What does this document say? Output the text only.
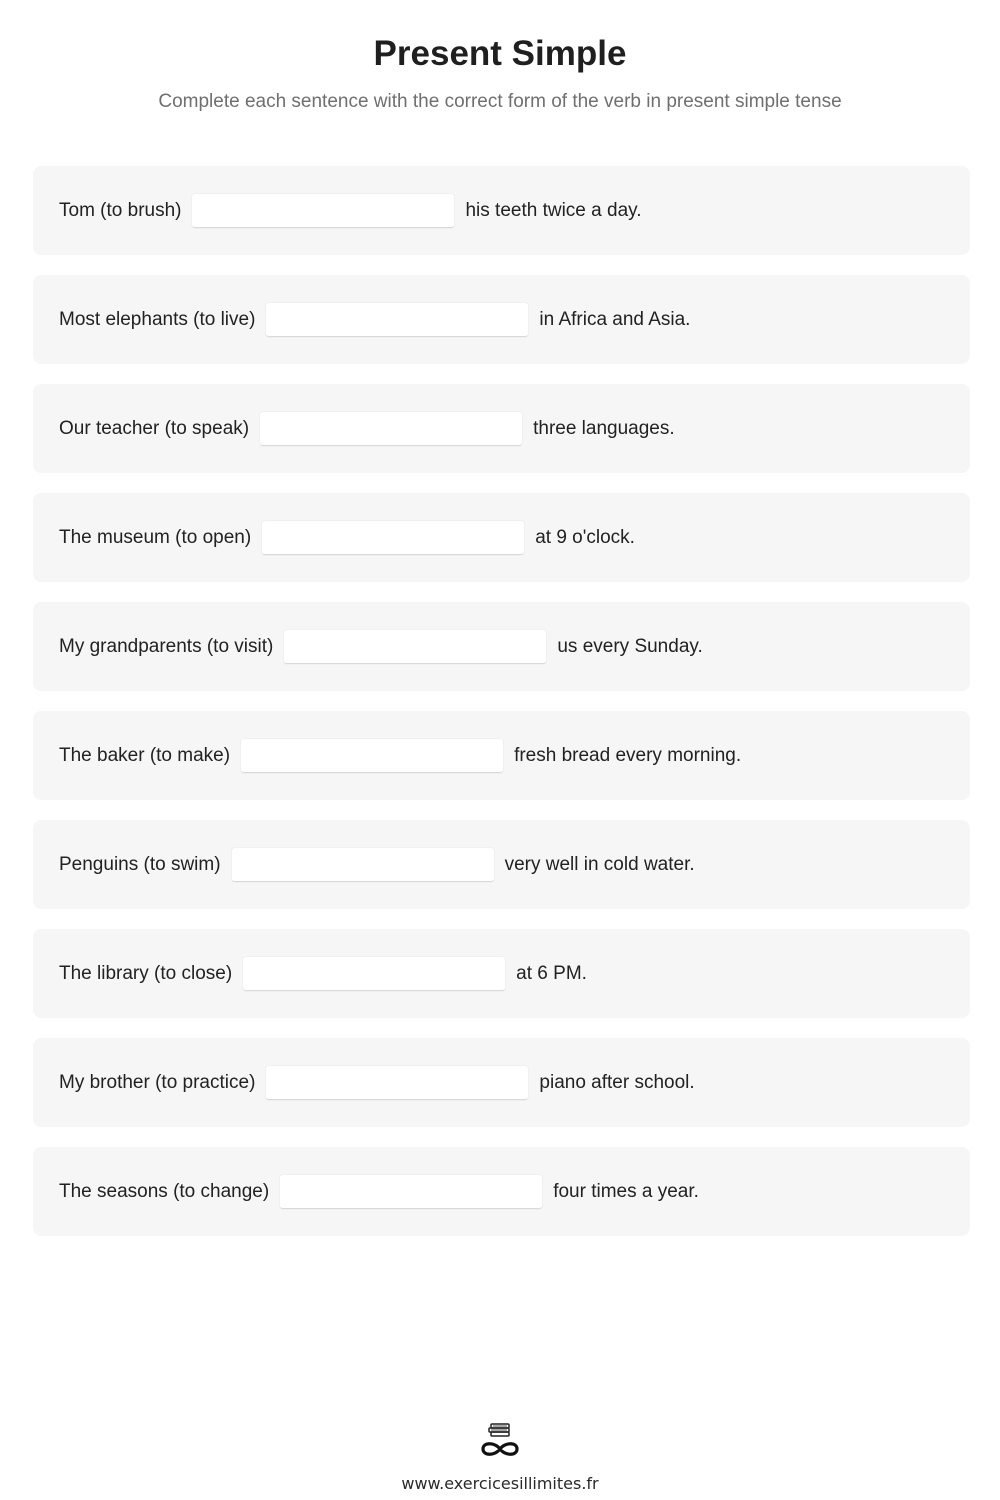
Present Simple

Complete each sentence with the correct form of the verb in present simple tense

Tom (to brush)	his teeth twice a day.
Most elephants (to live)	in Africa and Asia.
Our teacher (to speak)	three languages.
The museum (to open)	at 9 o'clock.
My grandparents (to visit)	us every Sunday.
The baker (to make)	fresh bread every morning.
Penguins (to swim)	very well in cold water.
The library (to close)	at 6 PM.
My brother (to practice)	piano after school.
The seasons (to change)	four times a year.
www.exercicesillimites.fr
